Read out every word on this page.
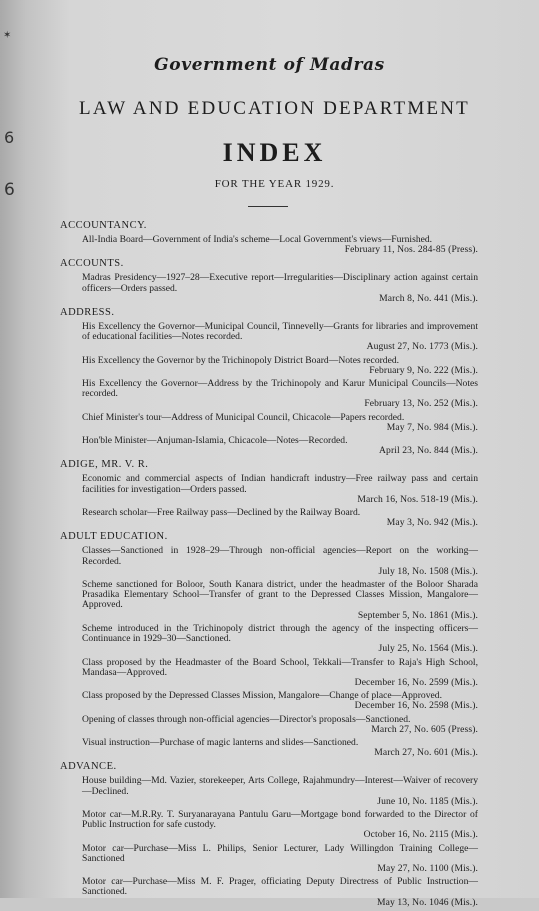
✶
6
6
Government of Madras
LAW AND EDUCATION DEPARTMENT
INDEX
FOR THE YEAR 1929.
ACCOUNTANCY.
All-India Board—Government of India's scheme—Local Government's views—Furnished.
February 11, Nos. 284-85 (Press).
ACCOUNTS.
Madras Presidency—1927–28—Executive report—Irregularities—Disciplinary action against certain officers—Orders passed.
March 8, No. 441 (Mis.).
ADDRESS.
His Excellency the Governor—Municipal Council, Tinnevelly—Grants for libraries and improvement of educational facilities—Notes recorded.
August 27, No. 1773 (Mis.).
His Excellency the Governor by the Trichinopoly District Board—Notes recorded.
February 9, No. 222 (Mis.).
His Excellency the Governor—Address by the Trichinopoly and Karur Municipal Councils—Notes recorded.
February 13, No. 252 (Mis.).
Chief Minister's tour—Address of Municipal Council, Chicacole—Papers recorded.
May 7, No. 984 (Mis.).
Hon'ble Minister—Anjuman-Islamia, Chicacole—Notes—Recorded.
April 23, No. 844 (Mis.).
ADIGE, MR. V. R.
Economic and commercial aspects of Indian handicraft industry—Free railway pass and certain facilities for investigation—Orders passed.
March 16, Nos. 518-19 (Mis.).
Research scholar—Free Railway pass—Declined by the Railway Board.
May 3, No. 942 (Mis.).
ADULT EDUCATION.
Classes—Sanctioned in 1928–29—Through non-official agencies—Report on the working—Recorded.
July 18, No. 1508 (Mis.).
Scheme sanctioned for Boloor, South Kanara district, under the headmaster of the Boloor Sharada Prasadika Elementary School—Transfer of grant to the Depressed Classes Mission, Mangalore—Approved.
September 5, No. 1861 (Mis.).
Scheme introduced in the Trichinopoly district through the agency of the inspecting officers—Continuance in 1929–30—Sanctioned.
July 25, No. 1564 (Mis.).
Class proposed by the Headmaster of the Board School, Tekkali—Transfer to Raja's High School, Mandasa—Approved.
December 16, No. 2599 (Mis.).
Class proposed by the Depressed Classes Mission, Mangalore—Change of place—Approved.
December 16, No. 2598 (Mis.).
Opening of classes through non-official agencies—Director's proposals—Sanctioned.
March 27, No. 605 (Press).
Visual instruction—Purchase of magic lanterns and slides—Sanctioned.
March 27, No. 601 (Mis.).
ADVANCE.
House building—Md. Vazier, storekeeper, Arts College, Rajahmundry—Interest—Waiver of recovery—Declined.
June 10, No. 1185 (Mis.).
Motor car—M.R.Ry. T. Suryanarayana Pantulu Garu—Mortgage bond forwarded to the Director of Public Instruction for safe custody.
October 16, No. 2115 (Mis.).
Motor car—Purchase—Miss L. Philips, Senior Lecturer, Lady Willingdon Training College—Sanctioned
May 27, No. 1100 (Mis.).
Motor car—Purchase—Miss M. F. Prager, officiating Deputy Directress of Public Instruction—Sanctioned.
May 13, No. 1046 (Mis.).
